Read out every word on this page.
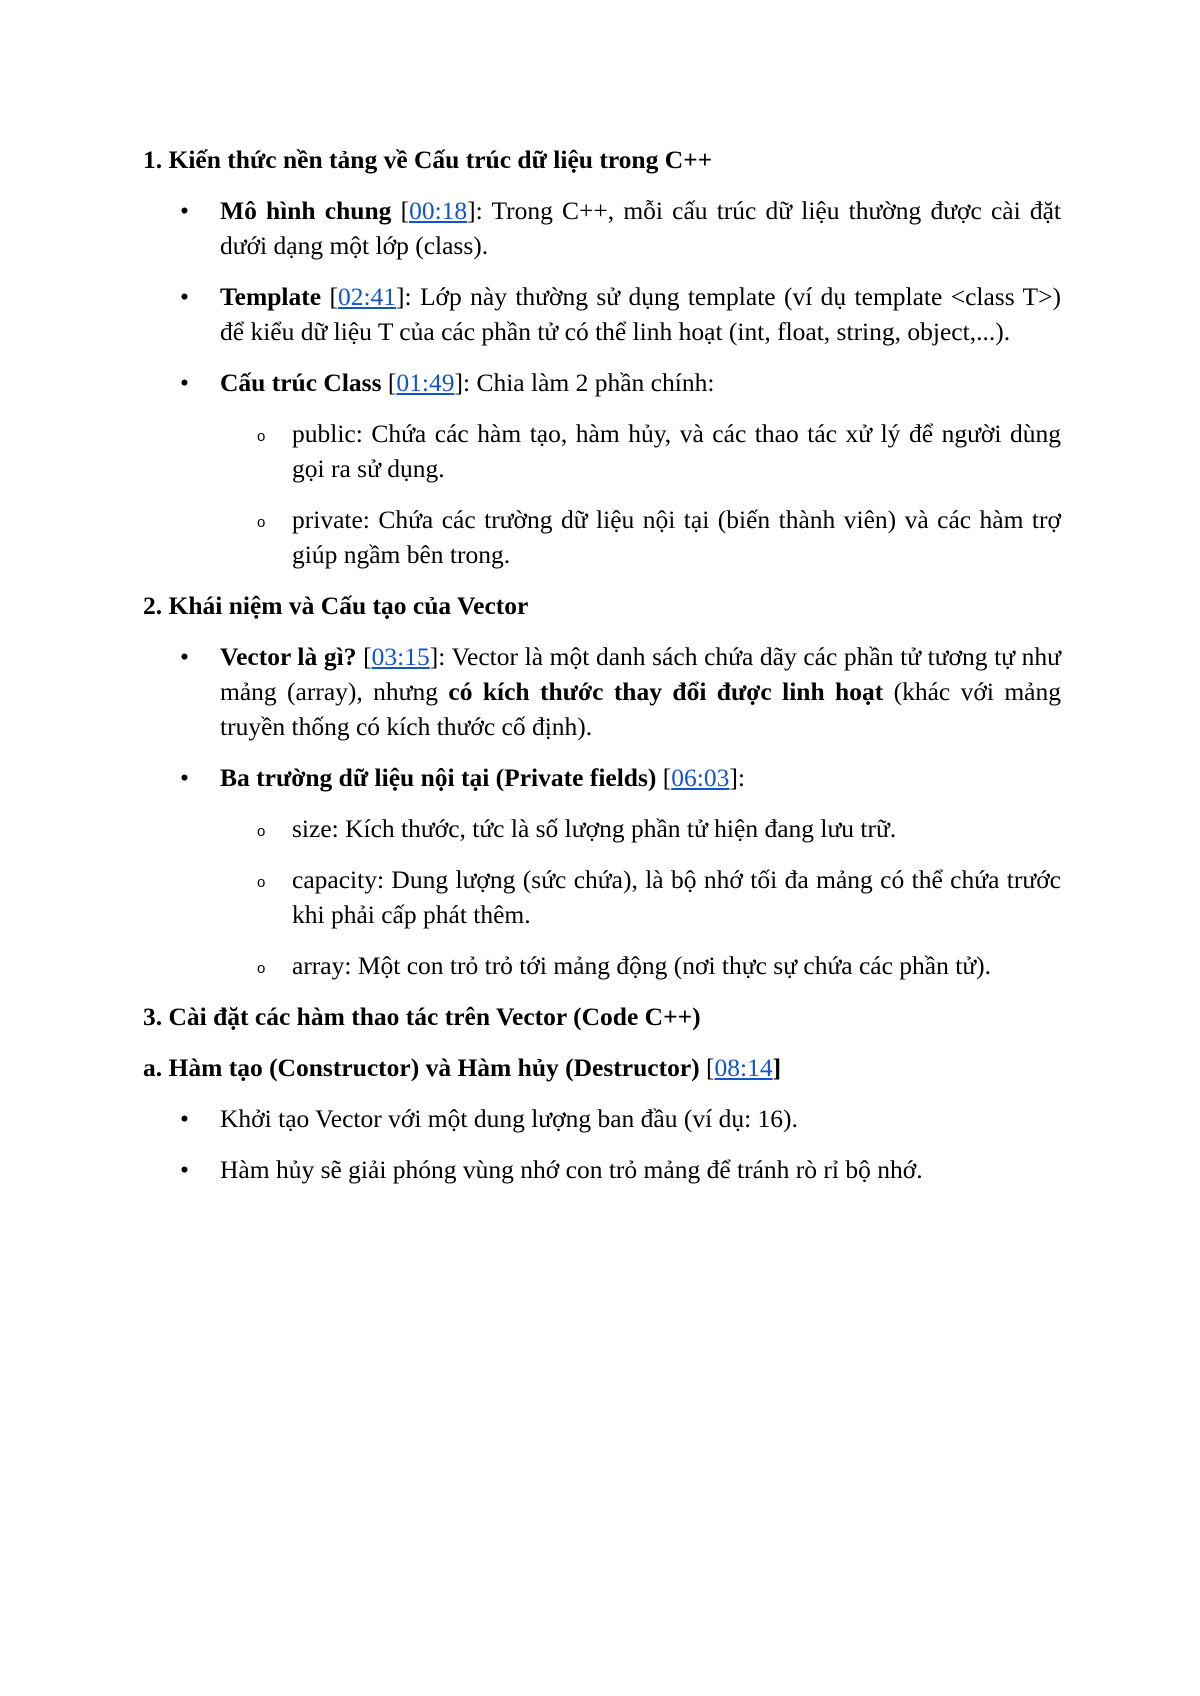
1. Kiến thức nền tảng về Cấu trúc dữ liệu trong C++
• Mô hình chung [00:18]: Trong C++, mỗi cấu trúc dữ liệu thường được cài đặt dưới dạng một lớp (class).
• Template [02:41]: Lớp này thường sử dụng template (ví dụ template <class T>) để kiểu dữ liệu T của các phần tử có thể linh hoạt (int, float, string, object,...).
• Cấu trúc Class [01:49]: Chia làm 2 phần chính:
o public: Chứa các hàm tạo, hàm hủy, và các thao tác xử lý để người dùng gọi ra sử dụng.
o private: Chứa các trường dữ liệu nội tại (biến thành viên) và các hàm trợ giúp ngầm bên trong.
2. Khái niệm và Cấu tạo của Vector
• Vector là gì? [03:15]: Vector là một danh sách chứa dãy các phần tử tương tự như mảng (array), nhưng có kích thước thay đổi được linh hoạt (khác với mảng truyền thống có kích thước cố định).
• Ba trường dữ liệu nội tại (Private fields) [06:03]:
o size: Kích thước, tức là số lượng phần tử hiện đang lưu trữ.
o capacity: Dung lượng (sức chứa), là bộ nhớ tối đa mảng có thể chứa trước khi phải cấp phát thêm.
o array: Một con trỏ trỏ tới mảng động (nơi thực sự chứa các phần tử).
3. Cài đặt các hàm thao tác trên Vector (Code C++)
a. Hàm tạo (Constructor) và Hàm hủy (Destructor) [08:14]
• Khởi tạo Vector với một dung lượng ban đầu (ví dụ: 16).
• Hàm hủy sẽ giải phóng vùng nhớ con trỏ mảng để tránh rò rỉ bộ nhớ.
